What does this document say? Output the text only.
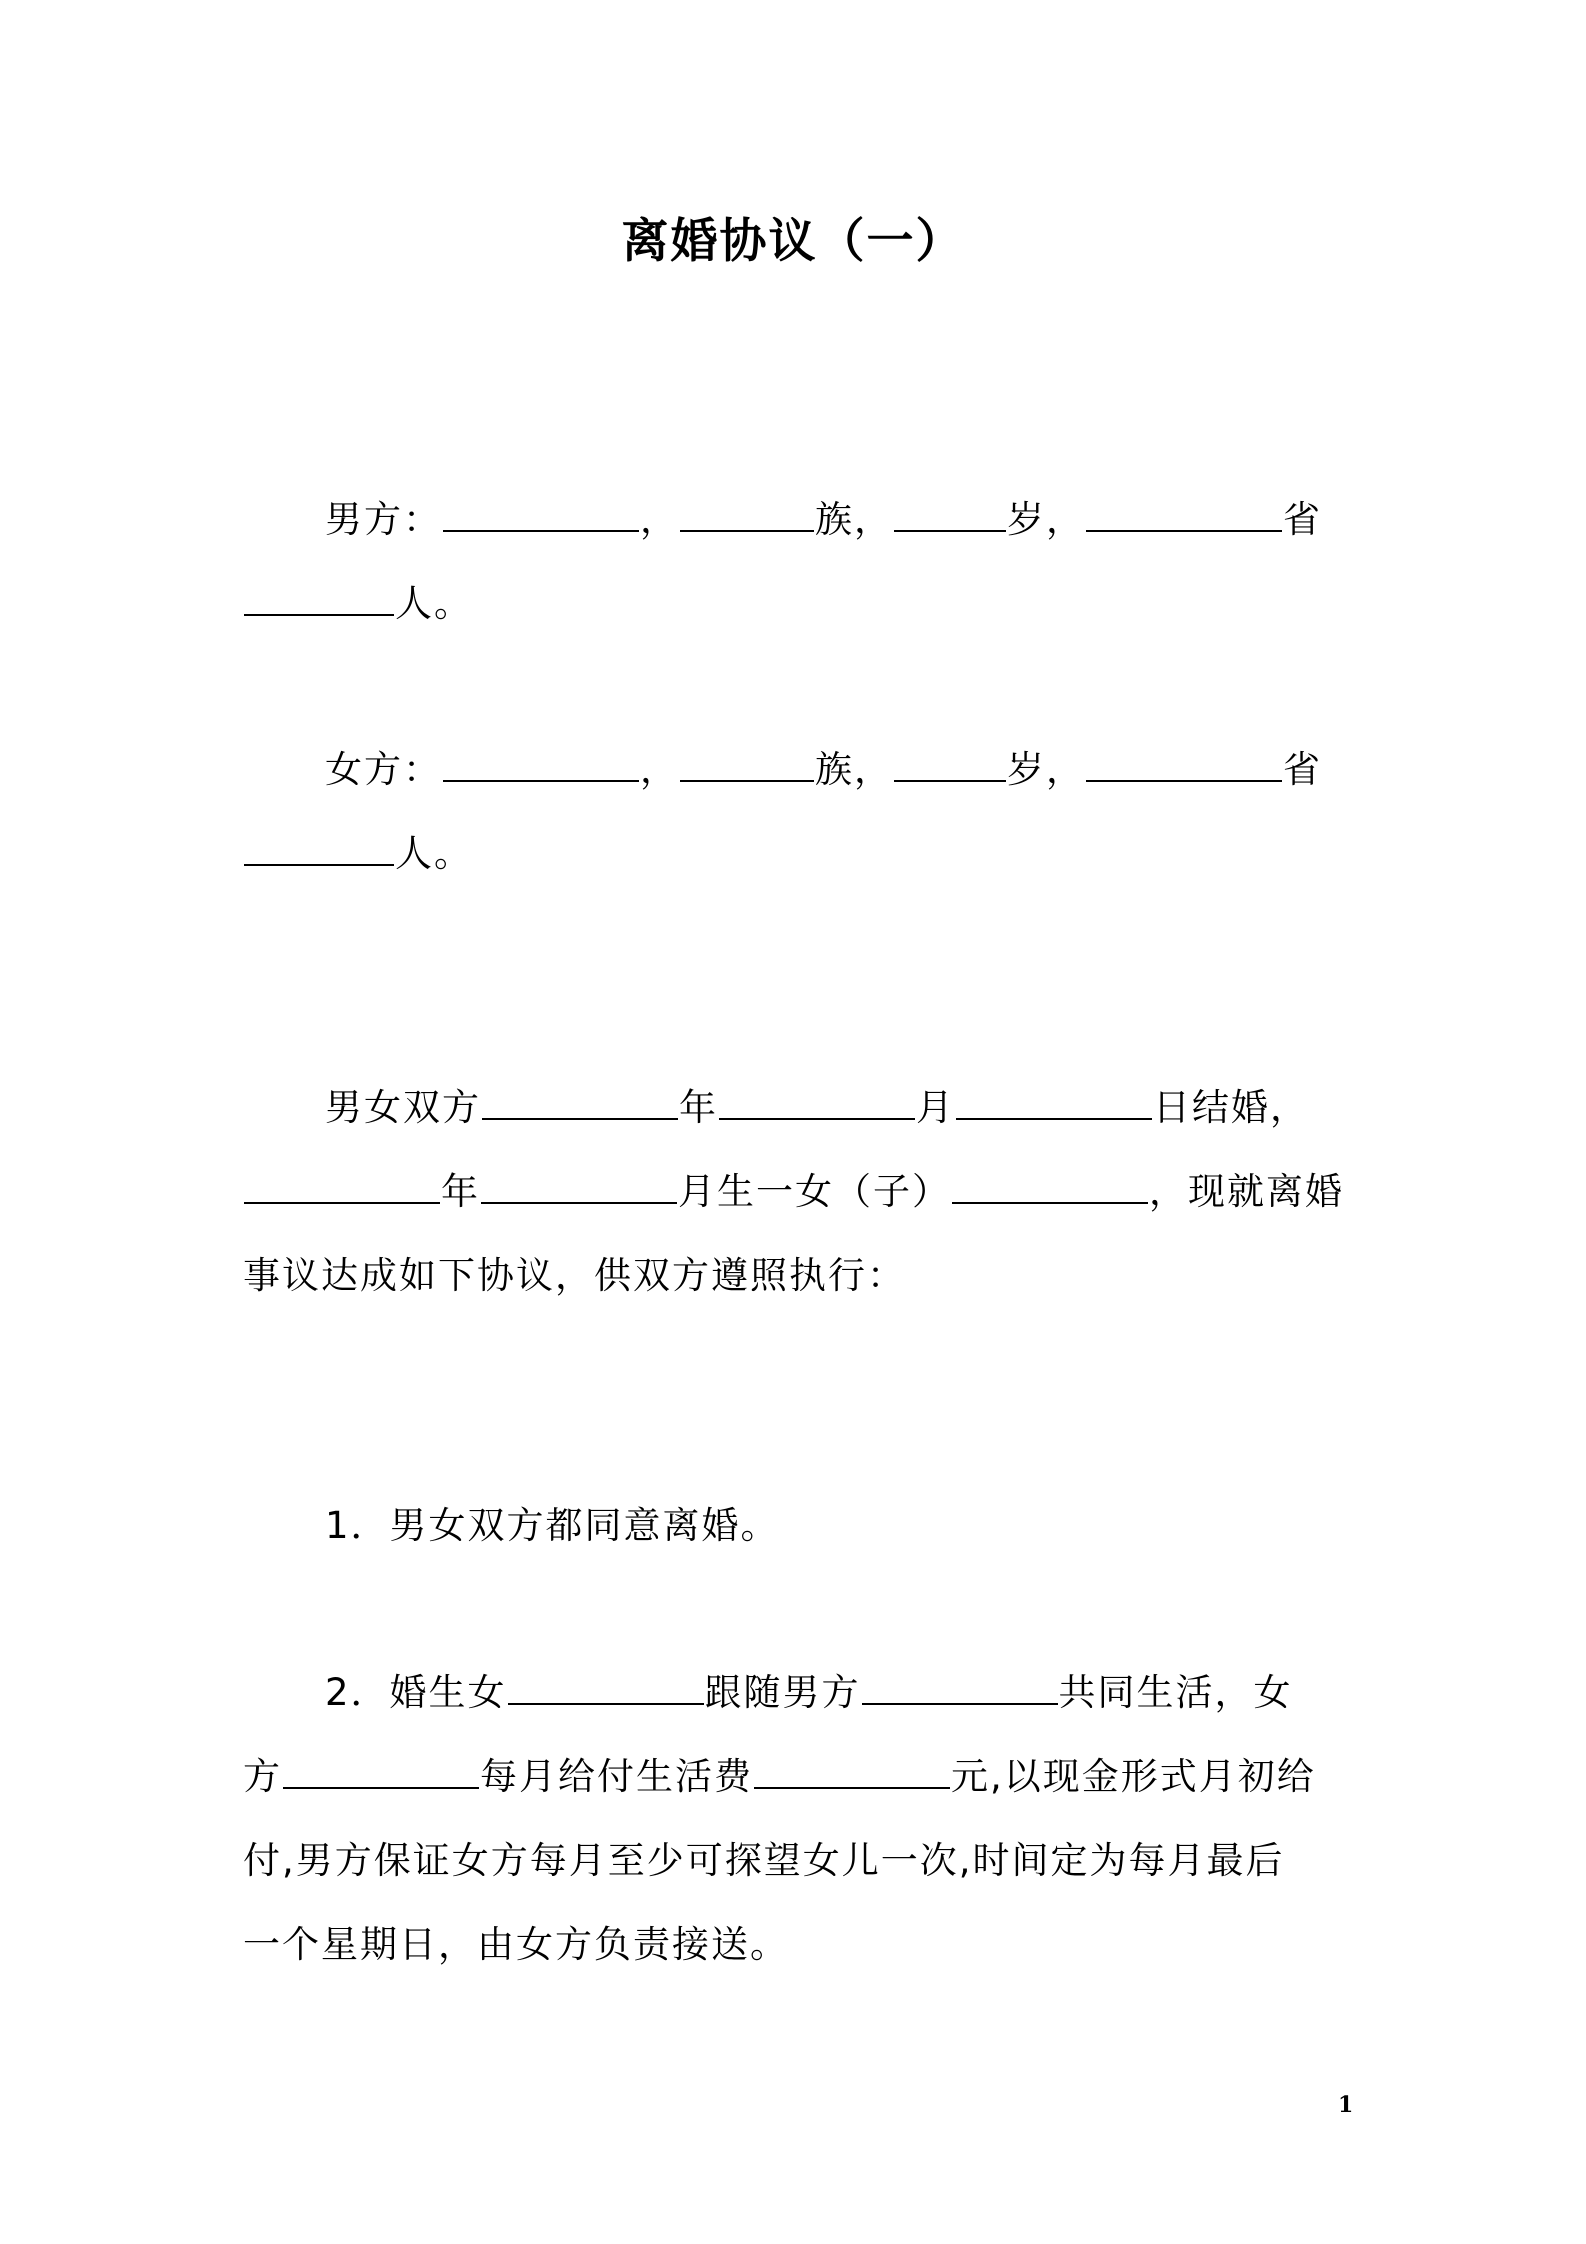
离婚协议（一）
男方：	，	族，	岁，	省
人。
女方：	，	族，	岁，	省
人。
男女双方	年	月	日结婚，
年	月生一女（子）	，现就离婚
事议达成如下协议，供双方遵照执行：
1．男女双方都同意离婚。
2．婚生女	跟随男方	共同生活，女
方	每月给付生活费	元,以现金形式月初给
付,男方保证女方每月至少可探望女儿一次,时间定为每月最后
一个星期日，由女方负责接送。
1
